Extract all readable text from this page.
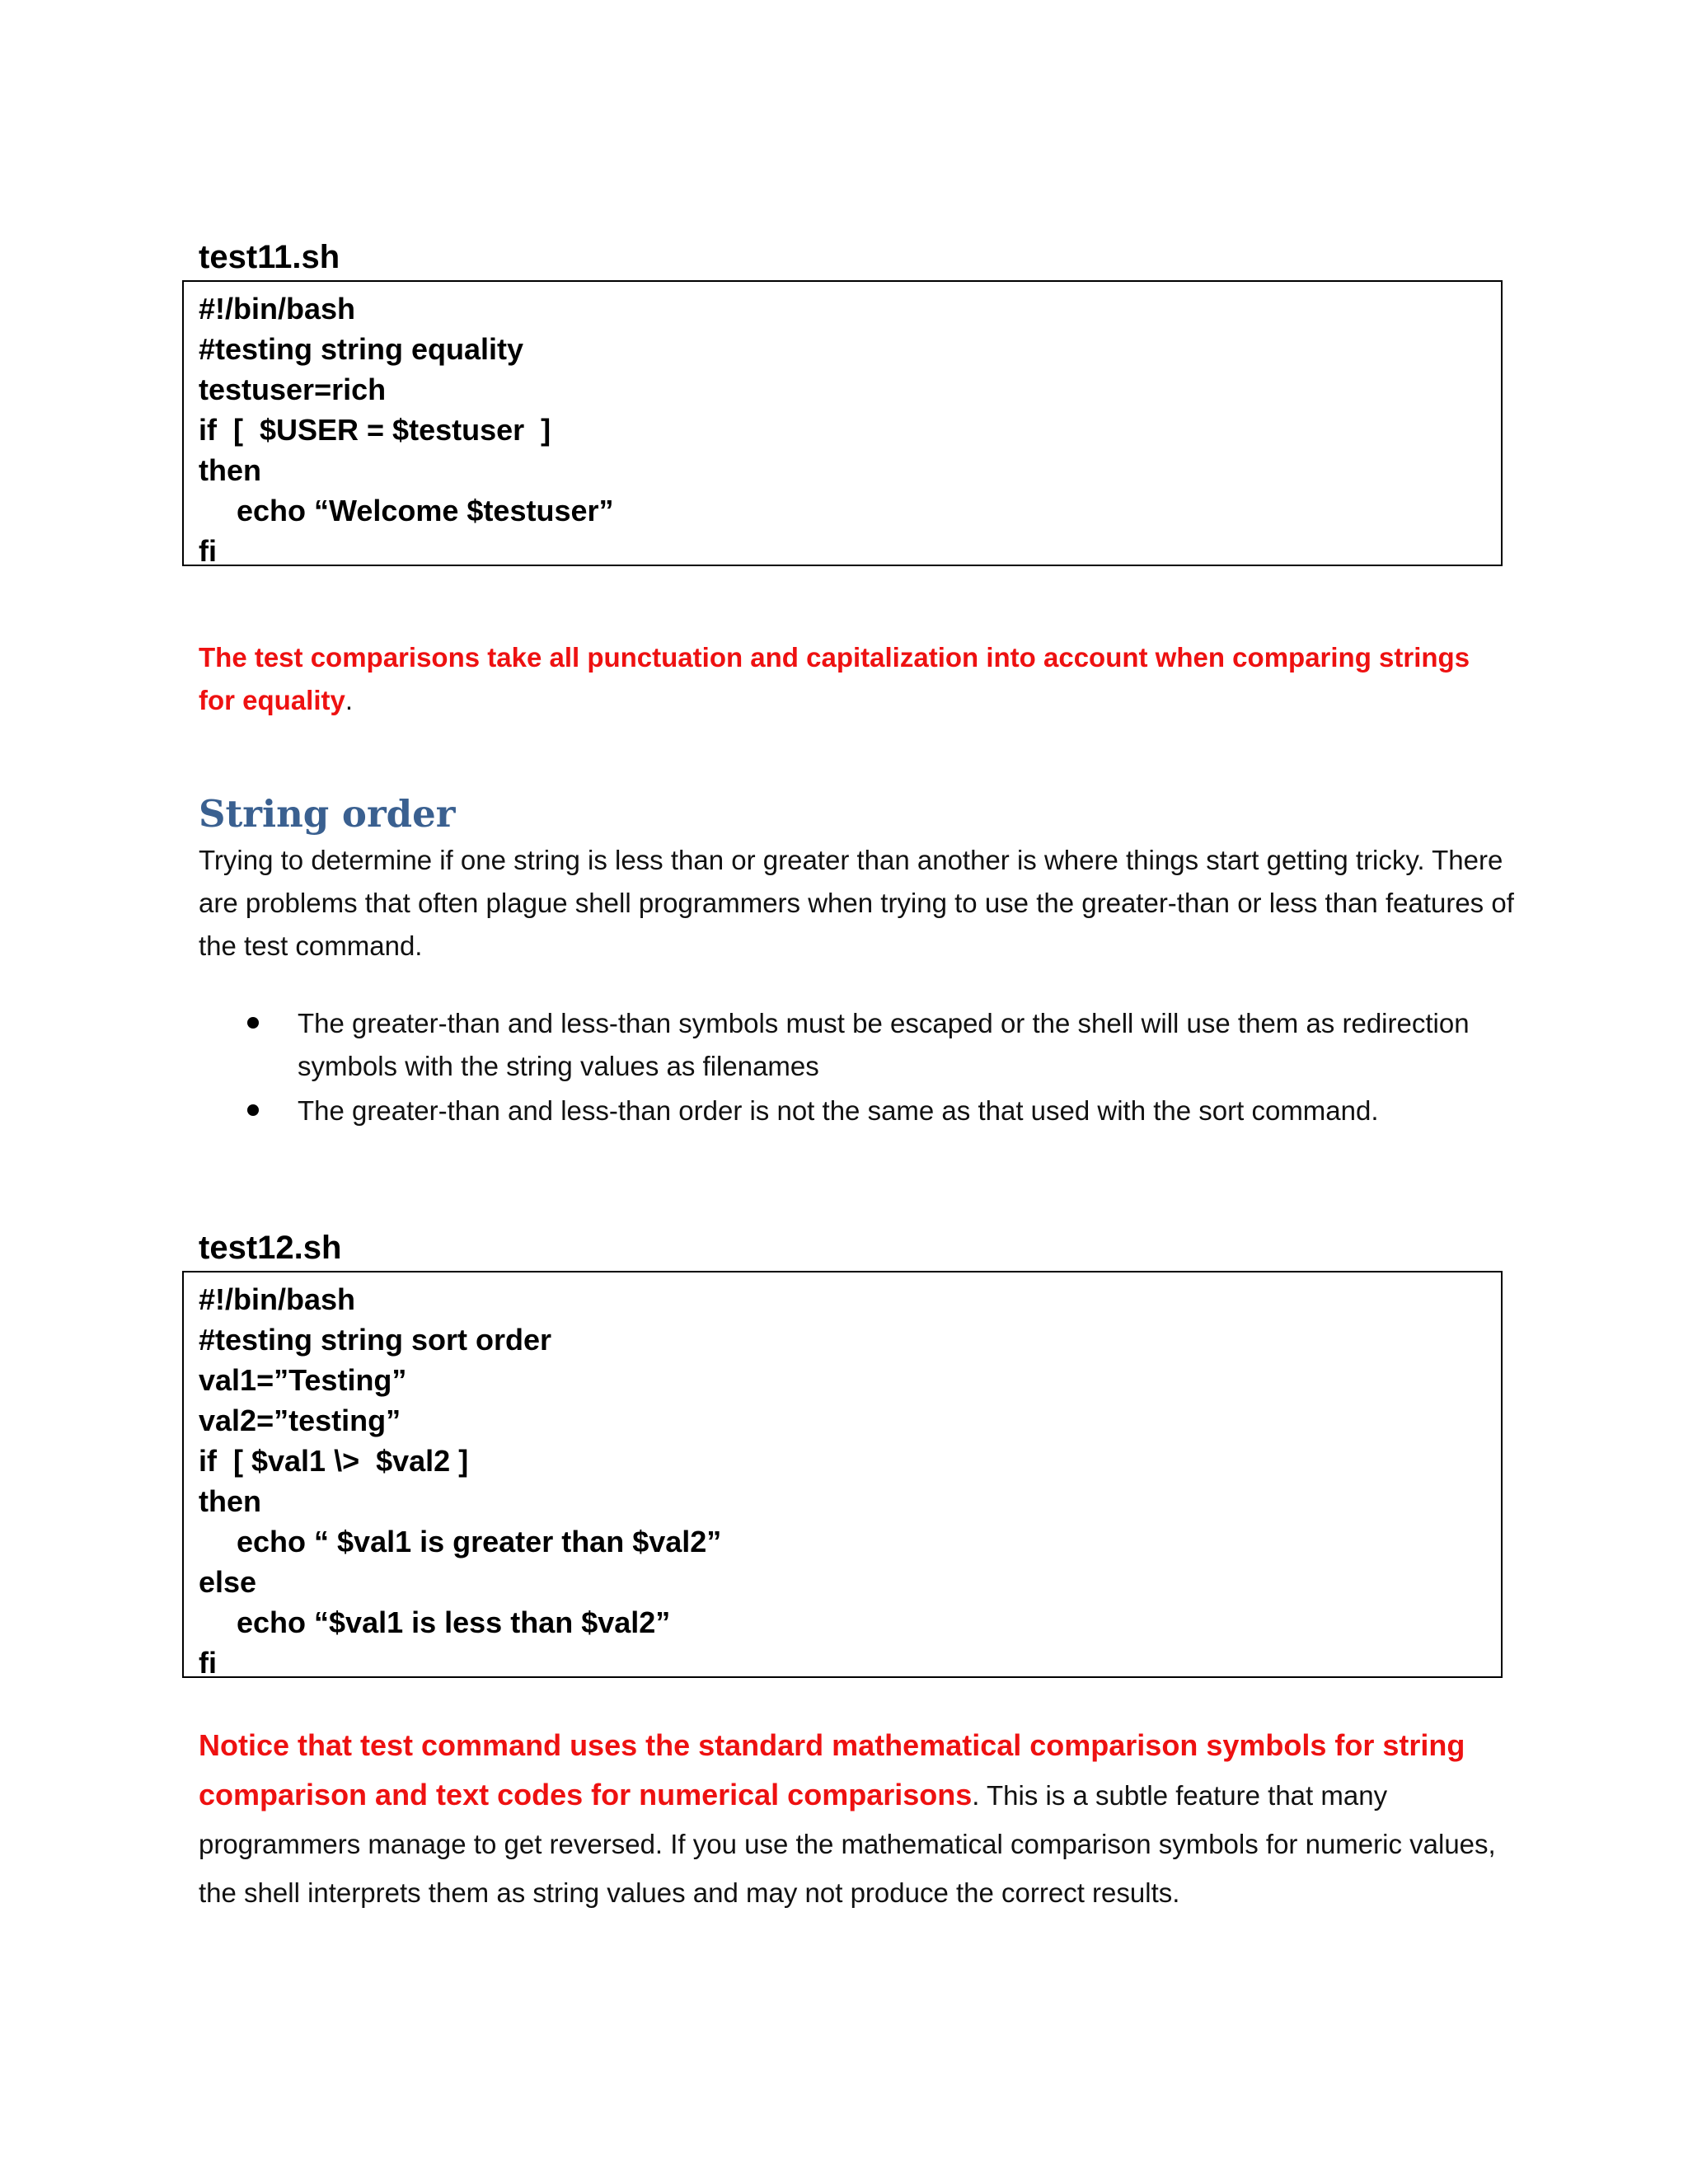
test11.sh
#!/bin/bash
#testing string equality
testuser=rich
if  [  $USER = $testuser  ]
then
echo “Welcome $testuser”
fi
The test comparisons take all punctuation and capitalization into account when comparing strings for equality.
String order
Trying to determine if one string is less than or greater than another is where things start getting tricky. There are problems that often plague shell programmers when trying to use the greater-than or less than features of the test command.
The greater-than and less-than symbols must be escaped or the shell will use them as redirection symbols with the string values as filenames
The greater-than and less-than order is not the same as that used with the sort command.
test12.sh
#!/bin/bash
#testing string sort order
val1=”Testing”
val2=”testing”
if  [ $val1 \>  $val2 ]
then
echo “ $val1 is greater than $val2”
else
echo “$val1 is less than $val2”
fi
Notice that test command uses the standard mathematical comparison symbols for string comparison and text codes for numerical comparisons. This is a subtle feature that many programmers manage to get reversed. If you use the mathematical comparison symbols for numeric values, the shell interprets them as string values and may not produce the correct results.
